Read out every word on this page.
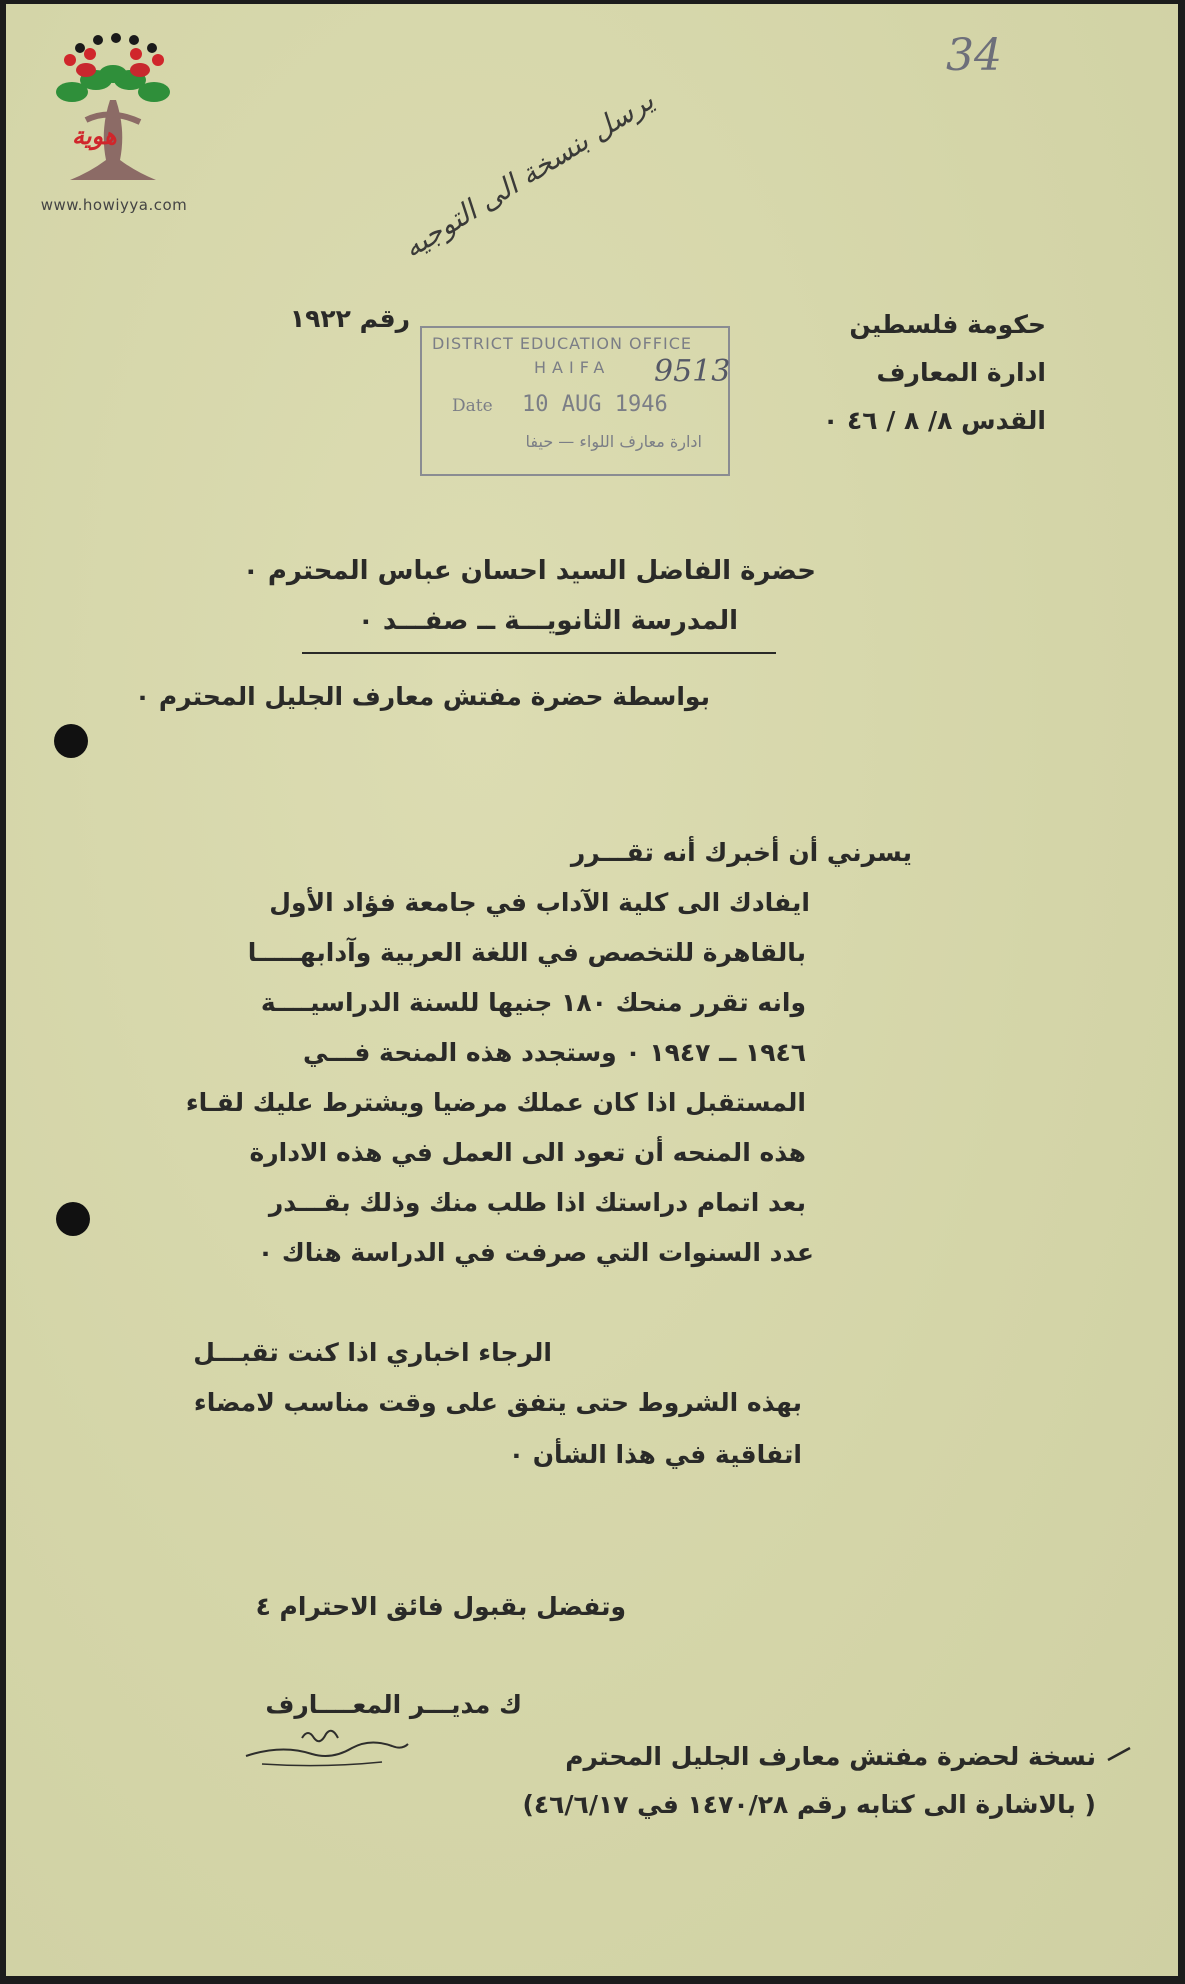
www.howiyya.com
هوية
34
يرسل بنسخة الى التوجيه
حكومة فلسطين
ادارة المعارف
القدس ٨/ ٨ / ٤٦ ٠
رقم ١٩٢٢
DISTRICT EDUCATION OFFICE
HAIFA 9513
Date 10 AUG 1946
ادارة معارف اللواء — حيفا
حضرة الفاضل السيد احسان عباس المحترم ٠
المدرسة الثانويـــة ــ صفـــد ٠
بواسطة حضرة مفتش معارف الجليل المحترم ٠
يسرني أن أخبرك أنه تقـــرر
ايفادك الى كلية الآداب في جامعة فؤاد الأول
بالقاهرة للتخصص في اللغة العربية وآدابهـــــا
وانه تقرر منحك ١٨٠ جنيها للسنة الدراسيــــة
١٩٤٦ ــ ١٩٤٧ ٠ وستجدد هذه المنحة فـــي
المستقبل اذا كان عملك مرضيا ويشترط عليك لقـاء
هذه المنحه أن تعود الى العمل في هذه الادارة
بعد اتمام دراستك اذا طلب منك وذلك بقـــدر
عدد السنوات التي صرفت في الدراسة هناك ٠
الرجاء اخباري اذا كنت تقبـــل
بهذه الشروط حتى يتفق على وقت مناسب لامضاء
اتفاقية في هذا الشأن ٠
وتفضل بقبول فائق الاحترام ٤
ك مديـــر المعــــارف
نسخة لحضرة مفتش معارف الجليل المحترم
( بالاشارة الى كتابه رقم ١٤٧٠/٢٨ في ٤٦/٦/١٧)
